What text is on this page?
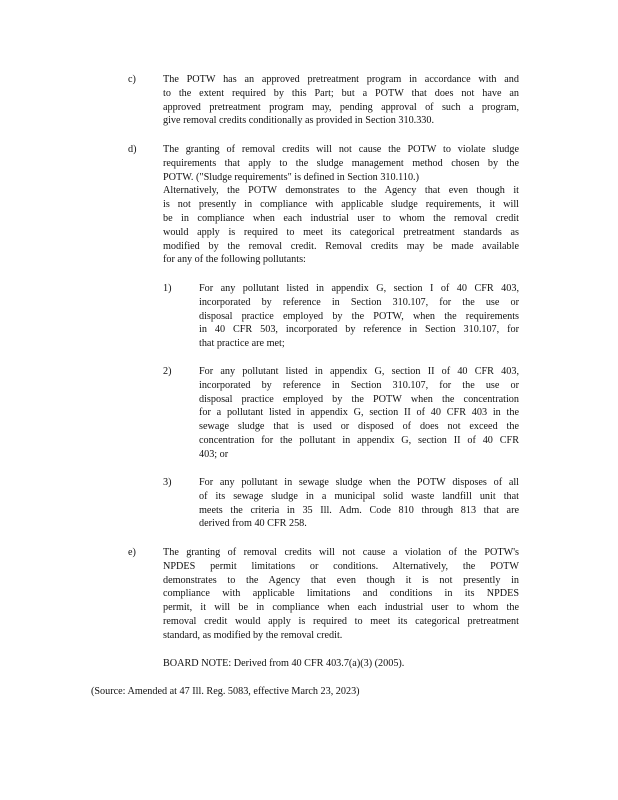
c)	The POTW has an approved pretreatment program in accordance with and
to the extent required by this Part; but a POTW that does not have an
approved pretreatment program may, pending approval of such a program,
give removal credits conditionally as provided in Section 310.330.
d)	The granting of removal credits will not cause the POTW to violate sludge
requirements that apply to the sludge management method chosen by the
POTW. ("Sludge requirements" is defined in Section 310.110.)
Alternatively, the POTW demonstrates to the Agency that even though it
is not presently in compliance with applicable sludge requirements, it will
be in compliance when each industrial user to whom the removal credit
would apply is required to meet its categorical pretreatment standards as
modified by the removal credit. Removal credits may be made available
for any of the following pollutants:
1)	For any pollutant listed in appendix G, section I of 40 CFR 403,
incorporated by reference in Section 310.107, for the use or
disposal practice employed by the POTW, when the requirements
in 40 CFR 503, incorporated by reference in Section 310.107, for
that practice are met;
2)	For any pollutant listed in appendix G, section II of 40 CFR 403,
incorporated by reference in Section 310.107, for the use or
disposal practice employed by the POTW when the concentration
for a pollutant listed in appendix G, section II of 40 CFR 403 in the
sewage sludge that is used or disposed of does not exceed the
concentration for the pollutant in appendix G, section II of 40 CFR
403; or
3)	For any pollutant in sewage sludge when the POTW disposes of all
of its sewage sludge in a municipal solid waste landfill unit that
meets the criteria in 35 Ill. Adm. Code 810 through 813 that are
derived from 40 CFR 258.
e)	The granting of removal credits will not cause a violation of the POTW's
NPDES permit limitations or conditions. Alternatively, the POTW
demonstrates to the Agency that even though it is not presently in
compliance with applicable limitations and conditions in its NPDES
permit, it will be in compliance when each industrial user to whom the
removal credit would apply is required to meet its categorical pretreatment
standard, as modified by the removal credit.
BOARD NOTE: Derived from 40 CFR 403.7(a)(3) (2005).
(Source: Amended at 47 Ill. Reg. 5083, effective March 23, 2023)
